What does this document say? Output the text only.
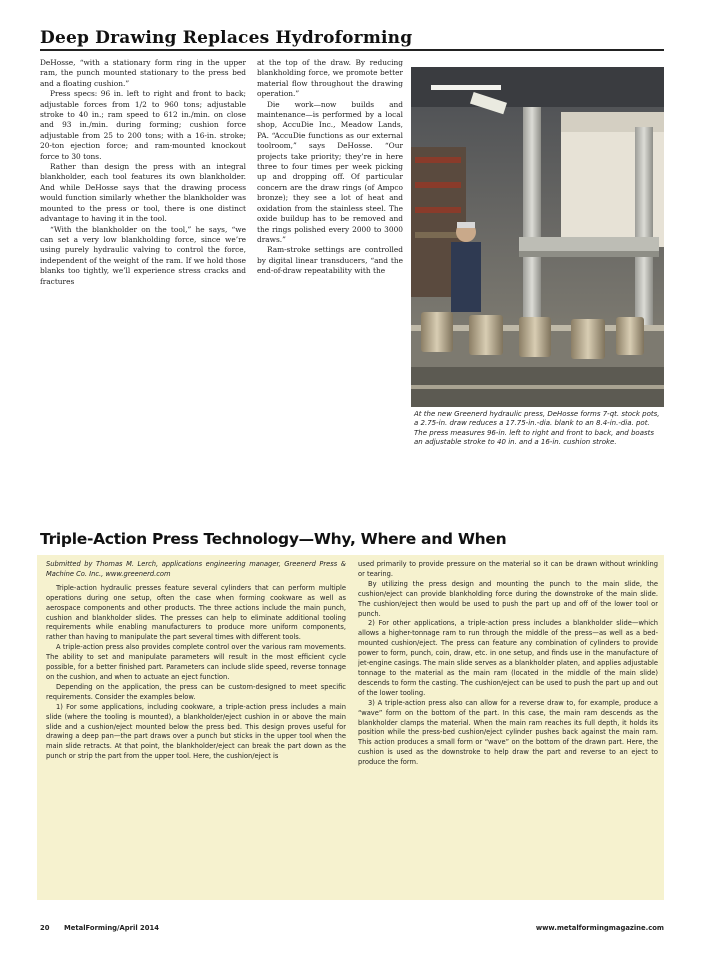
Deep Drawing Replaces Hydroforming

DeHosse, “with a stationary form ring in the upper ram, the punch mounted stationary to the press bed and a floating cushion.”

Press specs: 96 in. left to right and front to back; adjustable forces from 1/2 to 960 tons; adjustable stroke to 40 in.; ram speed to 612 in./min. on close and 93 in./min. during forming; cushion force adjustable from 25 to 200 tons; with a 16-in. stroke; 20-ton ejection force; and ram-mounted knockout force to 30 tons.

Rather than design the press with an integral blankholder, each tool features its own blankholder. And while DeHosse says that the drawing process would function similarly whether the blankholder was mounted to the press or tool, there is one distinct advantage to having it in the tool.

“With the blankholder on the tool,” he says, “we can set a very low blankholding force, since we’re using purely hydraulic valving to control the force, independent of the weight of the ram. If we hold those blanks too tightly, we’ll experience stress cracks and fractures

at the top of the draw. By reducing blankholding force, we promote better material flow throughout the drawing operation.”

Die work—now builds and maintenance—is performed by a local shop, AccuDie Inc., Meadow Lands, PA. “AccuDie functions as our external toolroom,” says DeHosse. “Our projects take priority; they’re in here three to four times per week picking up and dropping off. Of particular concern are the draw rings (of Ampco bronze); they see a lot of heat and oxidation from the stainless steel. The oxide buildup has to be removed and the rings polished every 2000 to 3000 draws.”

Ram-stroke settings are controlled by digital linear transducers, “and the end-of-draw repeatability with the

At the new Greenerd hydraulic press, DeHosse forms 7-qt. stock pots, a 2.75-in. draw reduces a 17.75-in.-dia. blank to an 8.4-in.-dia. pot. The press measures 96-in. left to right and front to back, and boasts an adjustable stroke to 40 in. and a 16-in. cushion stroke.
Triple-Action Press Technology—Why, Where and When

Submitted by Thomas M. Lerch, applications engineering manager, Greenerd Press & Machine Co. Inc., www.greenerd.com

Triple-action hydraulic presses feature several cylinders that can perform multiple operations during one setup, often the case when forming cookware as well as aerospace components and other products. The three actions include the main punch, cushion and blankholder slides. The presses can help to eliminate additional tooling requirements while enabling manufacturers to produce more uniform components, rather than having to manipulate the part several times with different tools.

A triple-action press also provides complete control over the various ram movements. The ability to set and manipulate parameters will result in the most efficient cycle possible, for a better finished part. Parameters can include slide speed, reverse tonnage on the cushion, and when to actuate an eject function.

Depending on the application, the press can be custom-designed to meet specific requirements. Consider the examples below.

1) For some applications, including cookware, a triple-action press includes a main slide (where the tooling is mounted), a blankholder/eject cushion in or above the main slide and a cushion/eject mounted below the press bed. This design proves useful for drawing a deep pan—the part draws over a punch but sticks in the upper tool when the main slide retracts. At that point, the blankholder/eject can break the part down as the punch or strip the part from the upper tool. Here, the cushion/eject is

used primarily to provide pressure on the material so it can be drawn without wrinkling or tearing.

By utilizing the press design and mounting the punch to the main slide, the cushion/eject can provide blankholding force during the downstroke of the main slide. The cushion/eject then would be used to push the part up and off of the lower tool or punch.

2) For other applications, a triple-action press includes a blankholder slide—which allows a higher-tonnage ram to run through the middle of the press—as well as a bed-mounted cushion/eject. The press can feature any combination of cylinders to provide power to form, punch, coin, draw, etc. in one setup, and finds use in the manufacture of jet-engine casings. The main slide serves as a blankholder platen, and applies adjustable tonnage to the material as the main ram (located in the middle of the main slide) descends to form the casting. The cushion/eject can be used to push the part up and out of the lower tooling.

3) A triple-action press also can allow for a reverse draw to, for example, produce a “wave” form on the bottom of the part. In this case, the main ram descends as the blankholder clamps the material. When the main ram reaches its full depth, it holds its position while the press-bed cushion/eject cylinder pushes back against the main ram. This action produces a small form or “wave” on the bottom of the drawn part. Here, the cushion is used as the downstroke to help draw the part and reverse to an eject to produce the form.

20 MetalForming/April 2014	www.metalformingmagazine.com
